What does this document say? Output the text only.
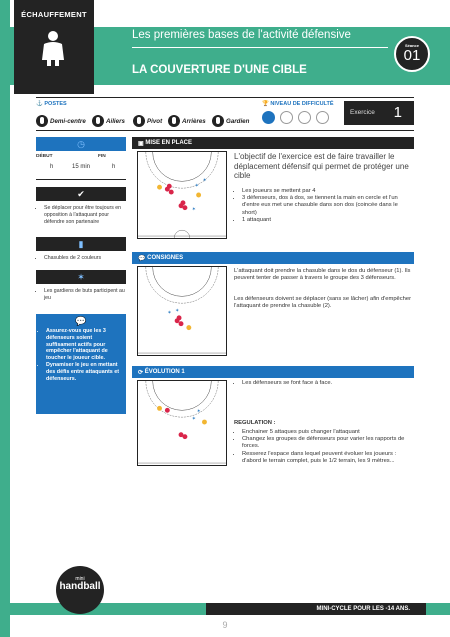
ÉCHAUFFEMENT
Les premières bases de l'activité défensive
LA COUVERTURE D'UNE CIBLE
Séance
01
⚓ POSTES
Demi-centre	Ailiers	Pivot	Arrières	Gardien
🏆 NIVEAU DE DIFFICULTÉ
Exercice 1
◷
DÉBUT	FIN
h	15 min	h
✔
• Se déplacer pour être toujours en opposition à l'attaquant pour défendre son partenaire
▮
• Chasubles de 2 couleurs
✶
• Les gardiens de buts participent au jeu
💬
• Assurez-vous que les 3 défenseurs soient suffisament actifs pour empêcher l'attaquant de toucher le joueur cible.
• Dynamiser le jeu en mettant des défis entre attaquants et défenseurs.
▣ MISE EN PLACE
✶
✶
✶
L'objectif de l'exercice est de faire travailler le déplacement défensif qui permet de protéger une cible
• Les joueurs se mettent par 4
• 3 défenseurs, dos à dos, se tiennent la main en cercle et l'un d'entre eux met une chasuble dans son dos (coincée dans le short)
• 1 attaquant
💬 CONSIGNES
✶ ✶
L'attaquant doit prendre la chasuble dans le dos du défenseur (1). Ils peuvent tenter de passer à travers le groupe des 3 défenseurs.
Les défenseurs doivent se déplacer (sans se lâcher) afin d'empêcher l'attaquant de prendre la chasuble (2).
⟳ ÉVOLUTION 1
✶
✶
• Les défenseurs se font face à face.
REGULATION :
• Enchainer 5 attaques puis changer l'attaquant
• Changez les groupes de défenseurs pour varier les rapports de forces.
• Resserez l'espace dans lequel peuvent évoluer les joueurs : d'abord le terrain complet, puis le 1/2 terrain, les 9 mètres...
MINI-CYCLE POUR LES -14 ANS.
mini
handball
9
